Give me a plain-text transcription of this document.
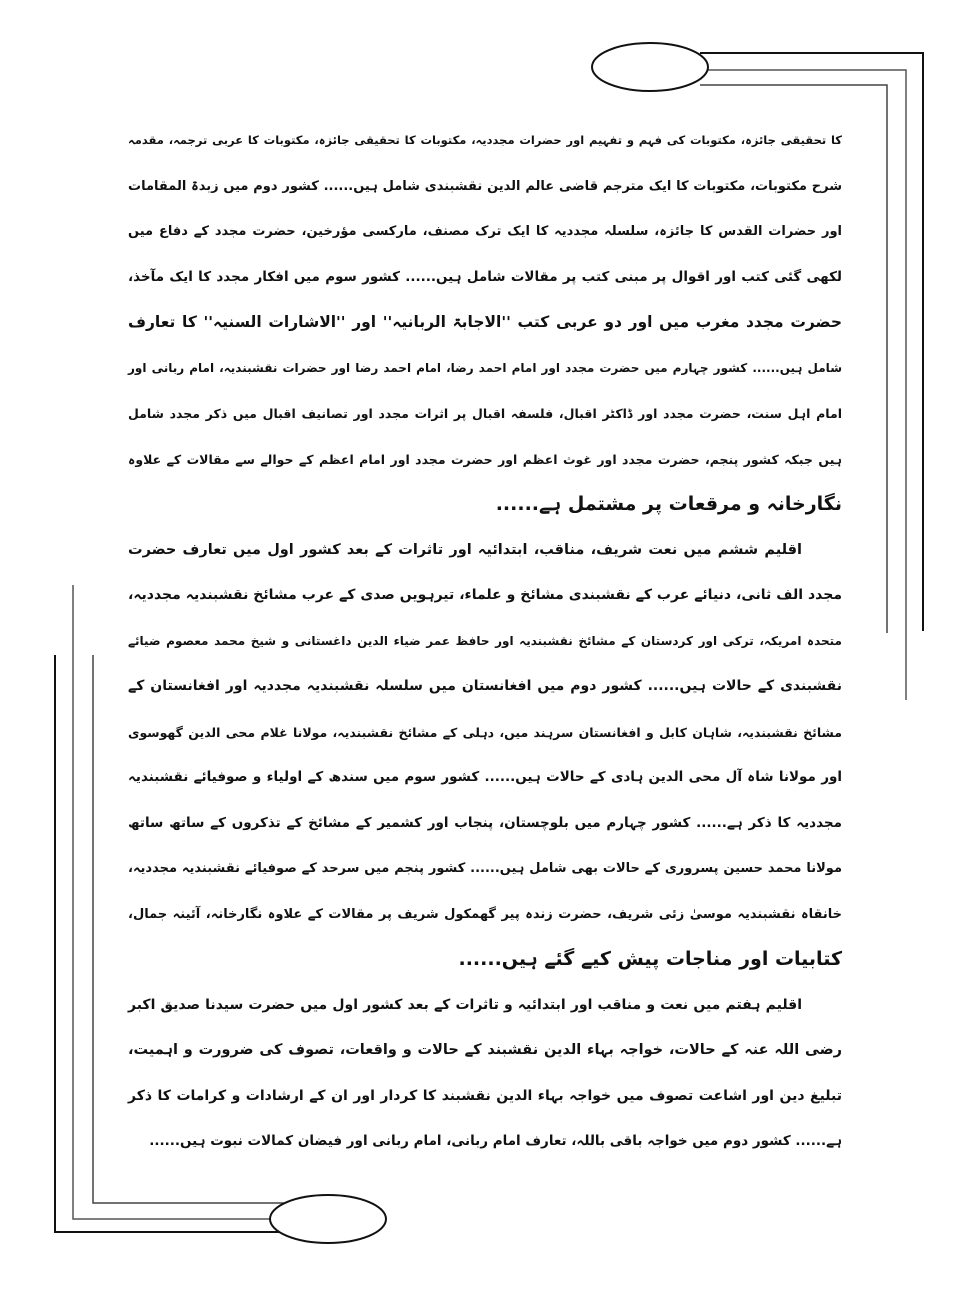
کا تحقیقی جائزہ، مکتوبات کی فہم و تفہیم اور حضرات مجددیہ، مکتوبات کا تحقیقی جائزہ، مکتوبات کا عربی ترجمہ، مقدمہ
شرح مکتوبات، مکتوبات کا ایک مترجم قاضی عالم الدین نقشبندی شامل ہیں...... کشور دوم میں زبدۃ المقامات
اور حضرات القدس کا جائزہ، سلسلہ مجددیہ کا ایک ترک مصنف، مارکسی مؤرخین، حضرت مجدد کے دفاع میں
لکھی گئی کتب اور اقوال پر مبنی کتب پر مقالات شامل ہیں...... کشور سوم میں افکار مجدد کا ایک مآخذ،
حضرت مجدد مغرب میں اور دو عربی کتب ''الاجابۃ الربانیہ'' اور ''الاشارات السنیہ'' کا تعارف
شامل ہیں...... کشور چہارم میں حضرت مجدد اور امام احمد رضا، امام احمد رضا اور حضرات نقشبندیہ، امام ربانی اور
امام اہل سنت، حضرت مجدد اور ڈاکٹر اقبال، فلسفہ اقبال پر اثرات مجدد اور تصانیف اقبال میں ذکر مجدد شامل
ہیں جبکہ کشور پنجم، حضرت مجدد اور غوث اعظم اور حضرت مجدد اور امام اعظم کے حوالے سے مقالات کے علاوہ
نگارخانہ و مرقعات پر مشتمل ہے......
اقلیم ششم میں نعت شریف، مناقب، ابتدائیہ اور تاثرات کے بعد کشور اول میں تعارف حضرت
مجدد الف ثانی، دنیائے عرب کے نقشبندی مشائخ و علماء، تیرہویں صدی کے عرب مشائخ نقشبندیہ مجددیہ،
متحدہ امریکہ، ترکی اور کردستان کے مشائخ نقشبندیہ اور حافظ عمر ضیاء الدین داغستانی و شیخ محمد معصوم ضیائے
نقشبندی کے حالات ہیں...... کشور دوم میں افغانستان میں سلسلہ نقشبندیہ مجددیہ اور افغانستان کے
مشائخ نقشبندیہ، شاہان کابل و افغانستان سرہند میں، دہلی کے مشائخ نقشبندیہ، مولانا غلام محی الدین گھوسوی
اور مولانا شاہ آل محی الدین ہادی کے حالات ہیں...... کشور سوم میں سندھ کے اولیاء و صوفیائے نقشبندیہ
مجددیہ کا ذکر ہے...... کشور چہارم میں بلوچستان، پنجاب اور کشمیر کے مشائخ کے تذکروں کے ساتھ ساتھ
مولانا محمد حسین پسروری کے حالات بھی شامل ہیں...... کشور پنجم میں سرحد کے صوفیائے نقشبندیہ مجددیہ،
خانقاہ نقشبندیہ موسیٰ زئی شریف، حضرت زندہ پیر گھمکول شریف پر مقالات کے علاوہ نگارخانہ، آئینہ جمال،
کتابیات اور مناجات پیش کیے گئے ہیں......
اقلیم ہفتم میں نعت و مناقب اور ابتدائیہ و تاثرات کے بعد کشور اول میں حضرت سیدنا صدیق اکبر
رضی اللہ عنہ کے حالات، خواجہ بہاء الدین نقشبند کے حالات و واقعات، تصوف کی ضرورت و اہمیت،
تبلیغ دین اور اشاعت تصوف میں خواجہ بہاء الدین نقشبند کا کردار اور ان کے ارشادات و کرامات کا ذکر
ہے...... کشور دوم میں خواجہ باقی باللہ، تعارف امام ربانی، امام ربانی اور فیضان کمالات نبوت ہیں......
